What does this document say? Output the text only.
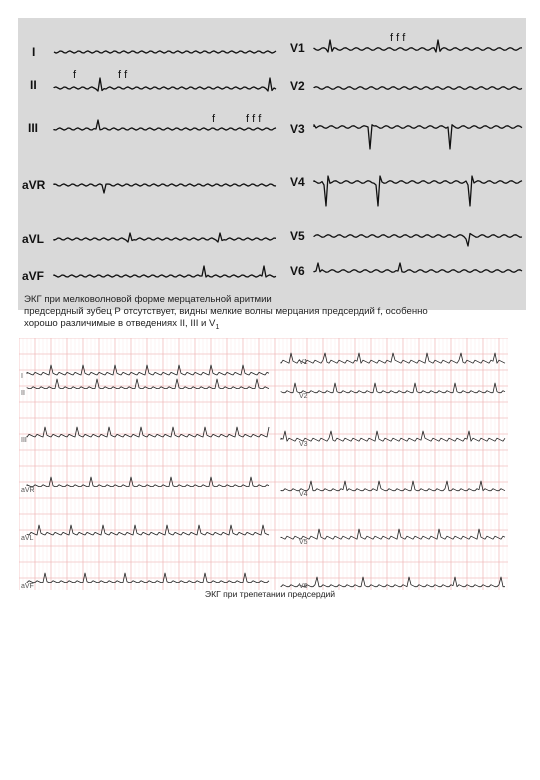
I
II
III
aVR
aVL
aVF
V1
V2
V3
V4
V5
V6
f f f
f	f f
f	f f f
ЭКГ при мелковолновой форме мерцательной аритмии
предсердный зубец Р отсутствует, видны мелкие волны мерцания предсердий f, особенно
хорошо различимые в отведениях II, III и $V_1$
I
II
III
aVR
aVL
aVF
V1
V2
V3
V4
V5
V6
ЭКГ при трепетании предсердий
